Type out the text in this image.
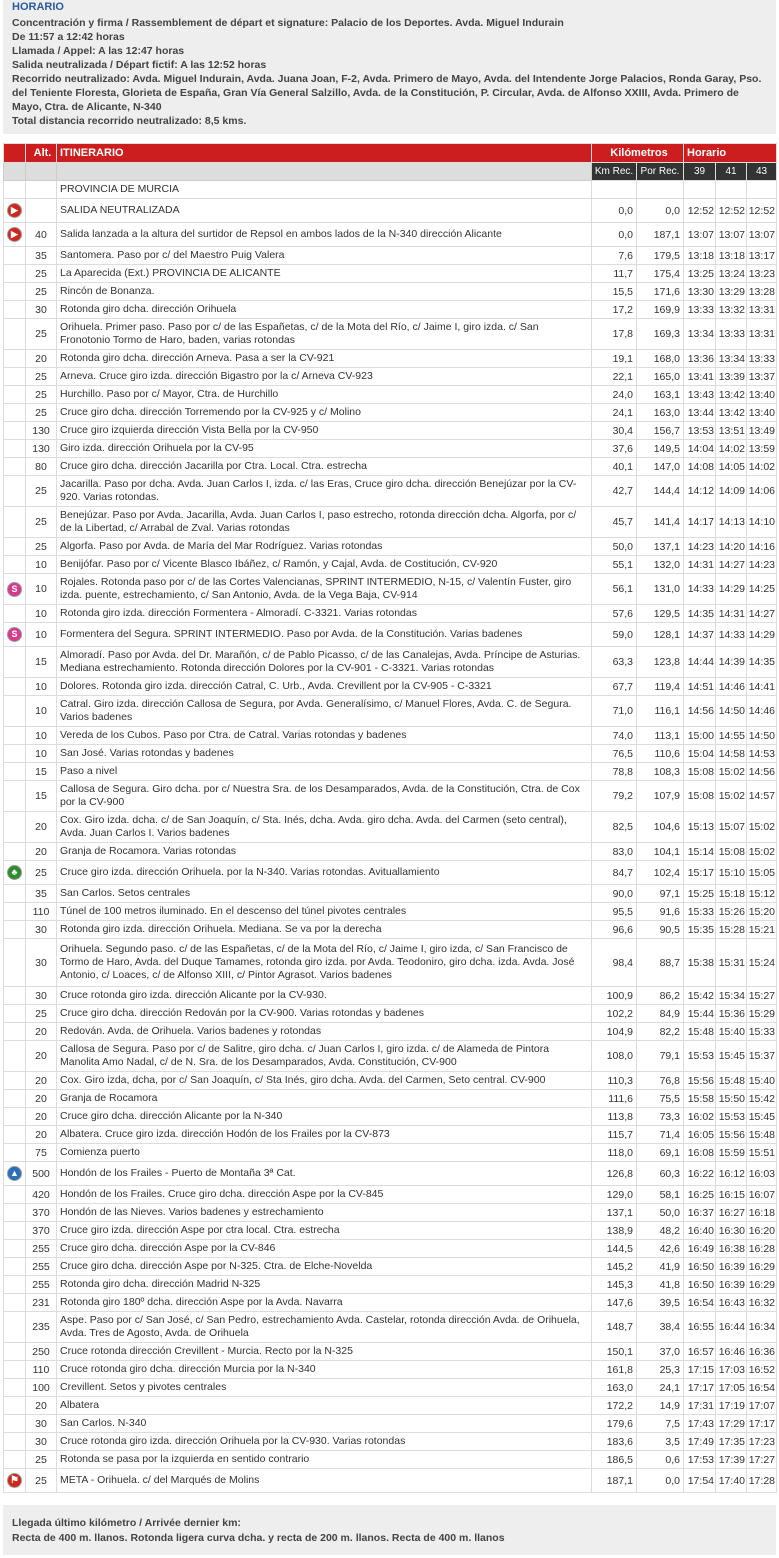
HORARIO
Concentración y firma / Rassemblement de départ et signature: Palacio de los Deportes. Avda. Miguel Indurain
De 11:57 a 12:42 horas
Llamada / Appel: A las 12:47 horas
Salida neutralizada / Départ fictif: A las 12:52 horas
Recorrido neutralizado: Avda. Miguel Indurain, Avda. Juana Joan, F-2, Avda. Primero de Mayo, Avda. del Intendente Jorge Palacios, Ronda Garay, Pso. del Teniente Floresta, Glorieta de España, Gran Vía General Salzillo, Avda. de la Constitución, P. Circular, Avda. de Alfonso XXIII, Avda. Primero de Mayo, Ctra. de Alicante, N-340
Total distancia recorrido neutralizado: 8,5 kms.
	Alt.	ITINERARIO	Kilómetros		Horario		
			Km Rec.	Por Rec.	39	41	43
		PROVINCIA DE MURCIA					
▶		SALIDA NEUTRALIZADA	0,0	0,0	12:52	12:52	12:52
▶	40	Salida lanzada a la altura del surtidor de Repsol en ambos lados de la N-340 dirección Alicante	0,0	187,1	13:07	13:07	13:07
	35	Santomera. Paso por c/ del Maestro Puig Valera	7,6	179,5	13:18	13:18	13:17
	25	La Aparecida (Ext.) PROVINCIA DE ALICANTE	11,7	175,4	13:25	13:24	13:23
	25	Rincón de Bonanza.	15,5	171,6	13:30	13:29	13:28
	30	Rotonda giro dcha. dirección Orihuela	17,2	169,9	13:33	13:32	13:31
	25	Orihuela. Primer paso. Paso por c/ de las Españetas, c/ de la Mota del Río, c/ Jaime I, giro izda. c/ San Fronotonio Tormo de Haro, baden, varias rotondas	17,8	169,3	13:34	13:33	13:31
	20	Rotonda giro dcha. dirección Arneva. Pasa a ser la CV-921	19,1	168,0	13:36	13:34	13:33
	25	Arneva. Cruce giro izda. dirección Bigastro por la c/ Arneva CV-923	22,1	165,0	13:41	13:39	13:37
	25	Hurchillo. Paso por c/ Mayor, Ctra. de Hurchillo	24,0	163,1	13:43	13:42	13:40
	25	Cruce giro dcha. dirección Torremendo por la CV-925 y c/ Molino	24,1	163,0	13:44	13:42	13:40
	130	Cruce giro izquierda dirección Vista Bella por la CV-950	30,4	156,7	13:53	13:51	13:49
	130	Giro izda. dirección Orihuela por la CV-95	37,6	149,5	14:04	14:02	13:59
	80	Cruce giro dcha. dirección Jacarilla por Ctra. Local. Ctra. estrecha	40,1	147,0	14:08	14:05	14:02
	25	Jacarilla. Paso por dcha. Avda. Juan Carlos I, izda. c/ las Eras, Cruce giro dcha. dirección Benejúzar por la CV-920. Varias rotondas.	42,7	144,4	14:12	14:09	14:06
	25	Benejúzar. Paso por Avda. Jacarilla, Avda. Juan Carlos I, paso estrecho, rotonda dirección dcha. Algorfa, por c/ de la Libertad, c/ Arrabal de Zval. Varias rotondas	45,7	141,4	14:17	14:13	14:10
	25	Algorfa. Paso por Avda. de María del Mar Rodríguez. Varias rotondas	50,0	137,1	14:23	14:20	14:16
	10	Benijófar. Paso por c/ Vicente Blasco Ibáñez, c/ Ramón, y Cajal, Avda. de Costitución, CV-920	55,1	132,0	14:31	14:27	14:23
S	10	Rojales. Rotonda paso por c/ de las Cortes Valencianas, SPRINT INTERMEDIO, N-15, c/ Valentín Fuster, giro izda. puente, estrechamiento, c/ San Antonio, Avda. de la Vega Baja, CV-914	56,1	131,0	14:33	14:29	14:25
	10	Rotonda giro izda. dirección Formentera - Almoradí. C-3321. Varias rotondas	57,6	129,5	14:35	14:31	14:27
S	10	Formentera del Segura. SPRINT INTERMEDIO. Paso por Avda. de la Constitución. Varias badenes	59,0	128,1	14:37	14:33	14:29
	15	Almoradí. Paso por Avda. del Dr. Marañón, c/ de Pablo Picasso, c/ de las Canalejas, Avda. Príncipe de Asturias. Mediana estrechamiento. Rotonda dirección Dolores por la CV-901 - C-3321. Varias rotondas	63,3	123,8	14:44	14:39	14:35
	10	Dolores. Rotonda giro izda. dirección Catral, C. Urb., Avda. Crevillent por la CV-905 - C-3321	67,7	119,4	14:51	14:46	14:41
	10	Catral. Giro izda. dirección Callosa de Segura, por Avda. Generalísimo, c/ Manuel Flores, Avda. C. de Segura. Varios badenes	71,0	116,1	14:56	14:50	14:46
	10	Vereda de los Cubos. Paso por Ctra. de Catral. Varias rotondas y badenes	74,0	113,1	15:00	14:55	14:50
	10	San José. Varias rotondas y badenes	76,5	110,6	15:04	14:58	14:53
	15	Paso a nivel	78,8	108,3	15:08	15:02	14:56
	15	Callosa de Segura. Giro dcha. por c/ Nuestra Sra. de los Desamparados, Avda. de la Constitución, Ctra. de Cox por la CV-900	79,2	107,9	15:08	15:02	14:57
	20	Cox. Giro izda. dcha. c/ de San Joaquín, c/ Sta. Inés, dcha. Avda. giro dcha. Avda. del Carmen (seto central), Avda. Juan Carlos I. Varios badenes	82,5	104,6	15:13	15:07	15:02
	20	Granja de Rocamora. Varias rotondas	83,0	104,1	15:14	15:08	15:02
♣	25	Cruce giro izda. dirección Orihuela. por la N-340. Varias rotondas. Avituallamiento	84,7	102,4	15:17	15:10	15:05
	35	San Carlos. Setos centrales	90,0	97,1	15:25	15:18	15:12
	110	Túnel de 100 metros iluminado. En el descenso del túnel pivotes centrales	95,5	91,6	15:33	15:26	15:20
	30	Rotonda giro izda. dirección Orihuela. Mediana. Se va por la derecha	96,6	90,5	15:35	15:28	15:21
	30	Orihuela. Segundo paso. c/ de las Españetas, c/ de la Mota del Río, c/ Jaime I, giro izda, c/ San Francisco de Tormo de Haro, Avda. del Duque Tamames, rotonda giro izda. por Avda. Teodoniro, giro dcha. izda. Avda. José Antonio, c/ Loaces, c/ de Alfonso XIII, c/ Pintor Agrasot. Varios badenes	98,4	88,7	15:38	15:31	15:24
	30	Cruce rotonda giro izda. dirección Alicante por la CV-930.	100,9	86,2	15:42	15:34	15:27
	25	Cruce giro dcha. dirección Redován por la CV-900. Varias rotondas y badenes	102,2	84,9	15:44	15:36	15:29
	20	Redován. Avda. de Orihuela. Varios badenes y rotondas	104,9	82,2	15:48	15:40	15:33
	20	Callosa de Segura. Paso por c/ de Salitre, giro dcha. c/ Juan Carlos I, giro izda. c/ de Alameda de Pintora Manolita Amo Nadal, c/ de N. Sra. de los Desamparados, Avda. Constitución, CV-900	108,0	79,1	15:53	15:45	15:37
	20	Cox. Giro izda, dcha, por c/ San Joaquín, c/ Sta Inés, giro dcha. Avda. del Carmen, Seto central. CV-900	110,3	76,8	15:56	15:48	15:40
	20	Granja de Rocamora	111,6	75,5	15:58	15:50	15:42
	20	Cruce giro dcha. dirección Alicante por la N-340	113,8	73,3	16:02	15:53	15:45
	20	Albatera. Cruce giro izda. dirección Hodón de los Frailes por la CV-873	115,7	71,4	16:05	15:56	15:48
	75	Comienza puerto	118,0	69,1	16:08	15:59	15:51
▲	500	Hondón de los Frailes - Puerto de Montaña 3ª Cat.	126,8	60,3	16:22	16:12	16:03
	420	Hondón de los Frailes. Cruce giro dcha. dirección Aspe por la CV-845	129,0	58,1	16:25	16:15	16:07
	370	Hondón de las Nieves. Varios badenes y estrechamiento	137,1	50,0	16:37	16:27	16:18
	370	Cruce giro izda. dirección Aspe por ctra local. Ctra. estrecha	138,9	48,2	16:40	16:30	16:20
	255	Cruce giro dcha. dirección Aspe por la CV-846	144,5	42,6	16:49	16:38	16:28
	255	Cruce giro dcha. dirección Aspe por N-325. Ctra. de Elche-Novelda	145,2	41,9	16:50	16:39	16:29
	255	Rotonda giro dcha. dirección Madrid N-325	145,3	41,8	16:50	16:39	16:29
	231	Rotonda giro 180º dcha. dirección Aspe por la Avda. Navarra	147,6	39,5	16:54	16:43	16:32
	235	Aspe. Paso por c/ San José, c/ San Pedro, estrechamiento Avda. Castelar, rotonda dirección Avda. de Orihuela, Avda. Tres de Agosto, Avda. de Orihuela	148,7	38,4	16:55	16:44	16:34
	250	Cruce rotonda dirección Crevillent - Murcia. Recto por la N-325	150,1	37,0	16:57	16:46	16:36
	110	Cruce rotonda giro dcha. dirección Murcia por la N-340	161,8	25,3	17:15	17:03	16:52
	100	Crevillent. Setos y pivotes centrales	163,0	24,1	17:17	17:05	16:54
	20	Albatera	172,2	14,9	17:31	17:19	17:07
	30	San Carlos. N-340	179,6	7,5	17:43	17:29	17:17
	30	Cruce rotonda giro izda. dirección Orihuela por la CV-930. Varias rotondas	183,6	3,5	17:49	17:35	17:23
	25	Rotonda se pasa por la izquierda en sentido contrario	186,5	0,6	17:53	17:39	17:27
⚑	25	META - Orihuela. c/ del Marqués de Molins	187,1	0,0	17:54	17:40	17:28
Llegada último kilómetro / Arrivée dernier km:
Recta de 400 m. llanos. Rotonda ligera curva dcha. y recta de 200 m. llanos. Recta de 400 m. llanos
